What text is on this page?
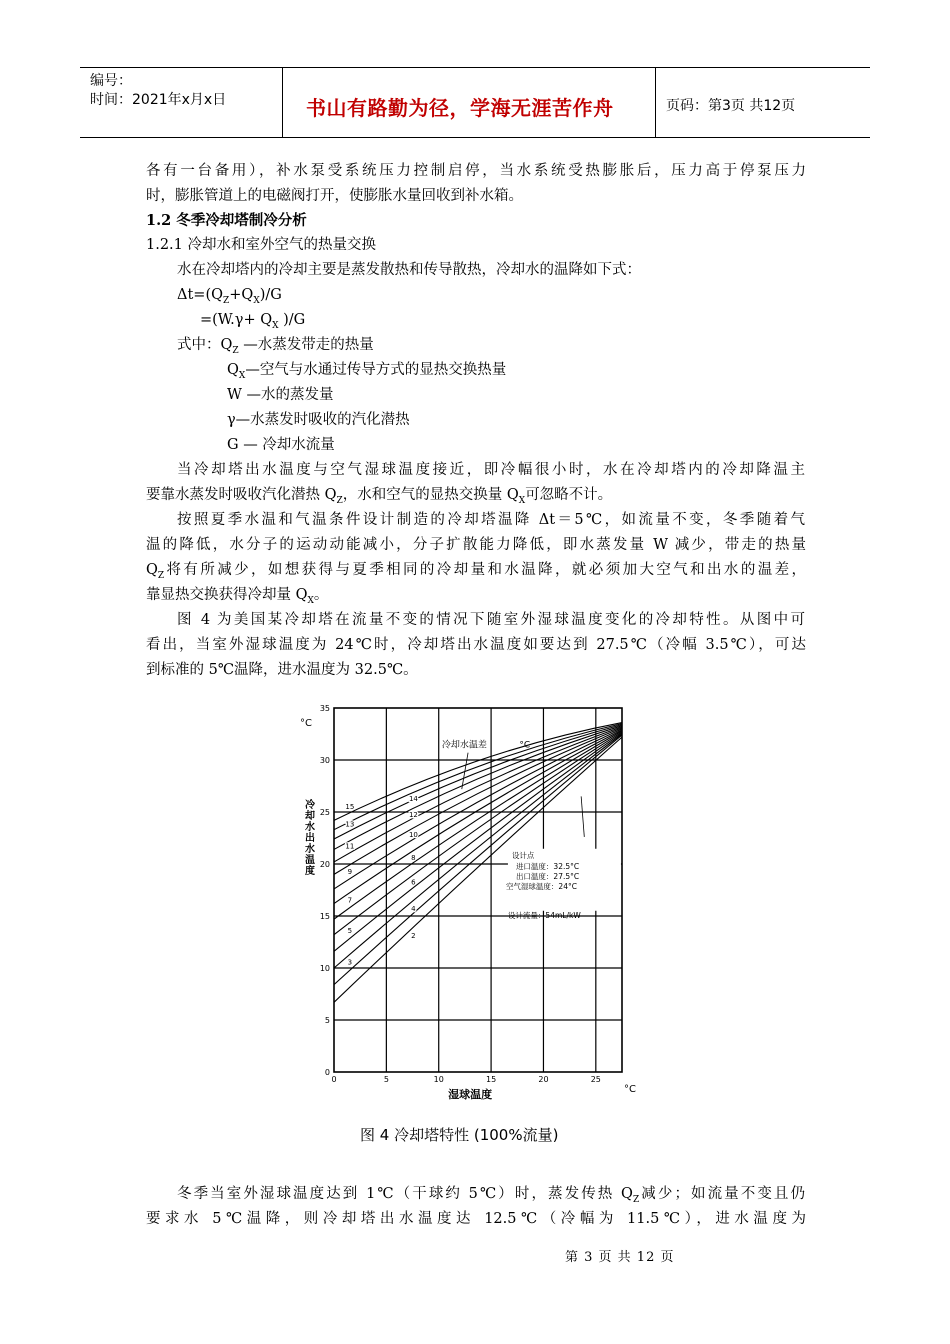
编号：
时间：2021年x月x日	书山有路勤为径，学海无涯苦作舟	页码：第3页 共12页
各有一台备用），补水泵受系统压力控制启停，当水系统受热膨胀后，压力高于停泵压力
时，膨胀管道上的电磁阀打开，使膨胀水量回收到补水箱。
1.2 冬季冷却塔制冷分析
1.2.1 冷却水和室外空气的热量交换
水在冷却塔内的冷却主要是蒸发散热和传导散热，冷却水的温降如下式：
$\Delta t=(Q_Z+Q_X)/G$
$=(W.\gamma+ Q_X$ )/G
式中：$Q_Z$ —水蒸发带走的热量
$Q_X—$空气与水通过传导方式的显热交换热量
W —水的蒸发量
γ—水蒸发时吸收的汽化潜热
G — 冷却水流量
当冷却塔出水温度与空气湿球温度接近，即冷幅很小时，水在冷却塔内的冷却降温主
要靠水蒸发时吸收汽化潜热 $Q_Z$，水和空气的显热交换量 $Q_X$可忽略不计。
按照夏季水温和气温条件设计制造的冷却塔温降 Δt＝5℃，如流量不变，冬季随着气
温的降低，水分子的运动动能减小，分子扩散能力降低，即水蒸发量 W 减少，带走的热量
$Q_Z$将有所减少，如想获得与夏季相同的冷却量和水温降，就必须加大空气和出水的温差，
靠显热交换获得冷却量 $Q_X$。
图 4 为美国某冷却塔在流量不变的情况下随室外湿球温度变化的冷却特性。从图中可
看出，当室外湿球温度为 24℃时，冷却塔出水温度如要达到 27.5℃（冷幅 3.5℃），可达
到标准的 5℃温降，进水温度为 32.5℃。
0	5	10	15	20	25
0
5
10
15
20
25
30
35
°C
°C
湿球温度
冷
却
水
出
水
温
度
2
3
4
5
6
7
8
9
10
11
12
13
14
15
冷却水温差	°C
设计点
进口温度：32.5°C
出口温度：27.5°C
空气湿球温度：24°C
设计流量：54mL/kW
图 4 冷却塔特性 (100%流量)
冬季当室外湿球温度达到 1℃（干球约 5℃）时，蒸发传热 $Q_Z$减少；如流量不变且仍
要求水 5℃温降，则冷却塔出水温度达 12.5℃（冷幅为 11.5℃），进水温度为
第 3 页 共 12 页
